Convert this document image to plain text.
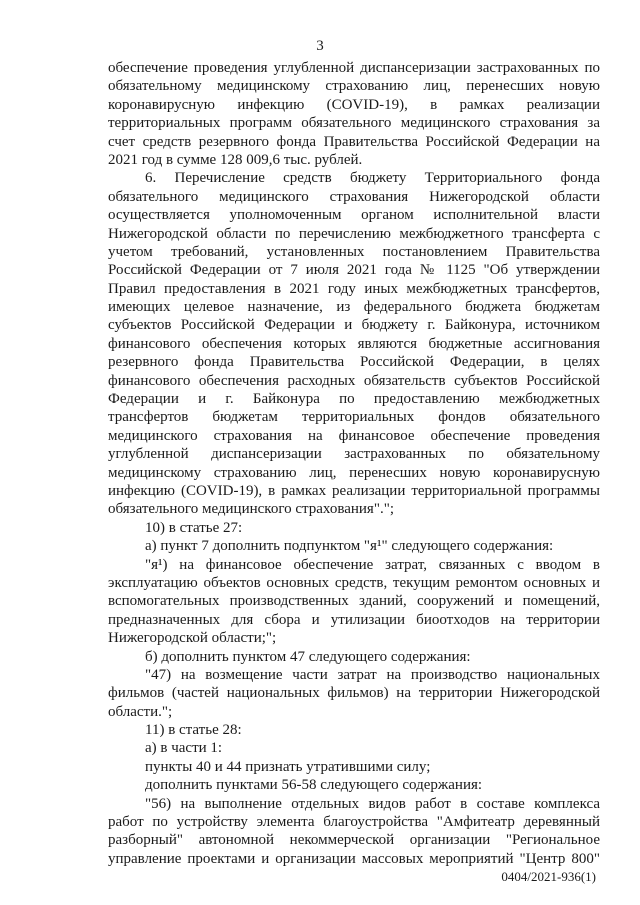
3
обеспечение проведения углубленной диспансеризации застрахованных по
обязательному медицинскому страхованию лиц, перенесших новую
коронавирусную инфекцию (COVID-19), в рамках реализации
территориальных программ обязательного медицинского страхования за
счет средств резервного фонда Правительства Российской Федерации на
2021 год в сумме 128 009,6 тыс. рублей.
6. Перечисление средств бюджету Территориального фонда
обязательного медицинского страхования Нижегородской области
осуществляется уполномоченным органом исполнительной власти
Нижегородской области по перечислению межбюджетного трансферта с
учетом требований, установленных постановлением Правительства
Российской Федерации от 7 июля 2021 года № 1125 "Об утверждении
Правил предоставления в 2021 году иных межбюджетных трансфертов,
имеющих целевое назначение, из федерального бюджета бюджетам
субъектов Российской Федерации и бюджету г. Байконура, источником
финансового обеспечения которых являются бюджетные ассигнования
резервного фонда Правительства Российской Федерации, в целях
финансового обеспечения расходных обязательств субъектов Российской
Федерации и г. Байконура по предоставлению межбюджетных
трансфертов бюджетам территориальных фондов обязательного
медицинского страхования на финансовое обеспечение проведения
углубленной диспансеризации застрахованных по обязательному
медицинскому страхованию лиц, перенесших новую коронавирусную
инфекцию (COVID-19), в рамках реализации территориальной программы
обязательного медицинского страхования".";
10) в статье 27:
а) пункт 7 дополнить подпунктом "я¹" следующего содержания:
"я¹) на финансовое обеспечение затрат, связанных с вводом в
эксплуатацию объектов основных средств, текущим ремонтом основных и
вспомогательных производственных зданий, сооружений и помещений,
предназначенных для сбора и утилизации биоотходов на территории
Нижегородской области;";
б) дополнить пунктом 47 следующего содержания:
"47) на возмещение части затрат на производство национальных
фильмов (частей национальных фильмов) на территории Нижегородской
области.";
11) в статье 28:
а) в части 1:
пункты 40 и 44 признать утратившими силу;
дополнить пунктами 56-58 следующего содержания:
"56) на выполнение отдельных видов работ в составе комплекса
работ по устройству элемента благоустройства "Амфитеатр деревянный
разборный" автономной некоммерческой организации "Региональное
управление проектами и организации массовых мероприятий "Центр 800"
0404/2021-936(1)
